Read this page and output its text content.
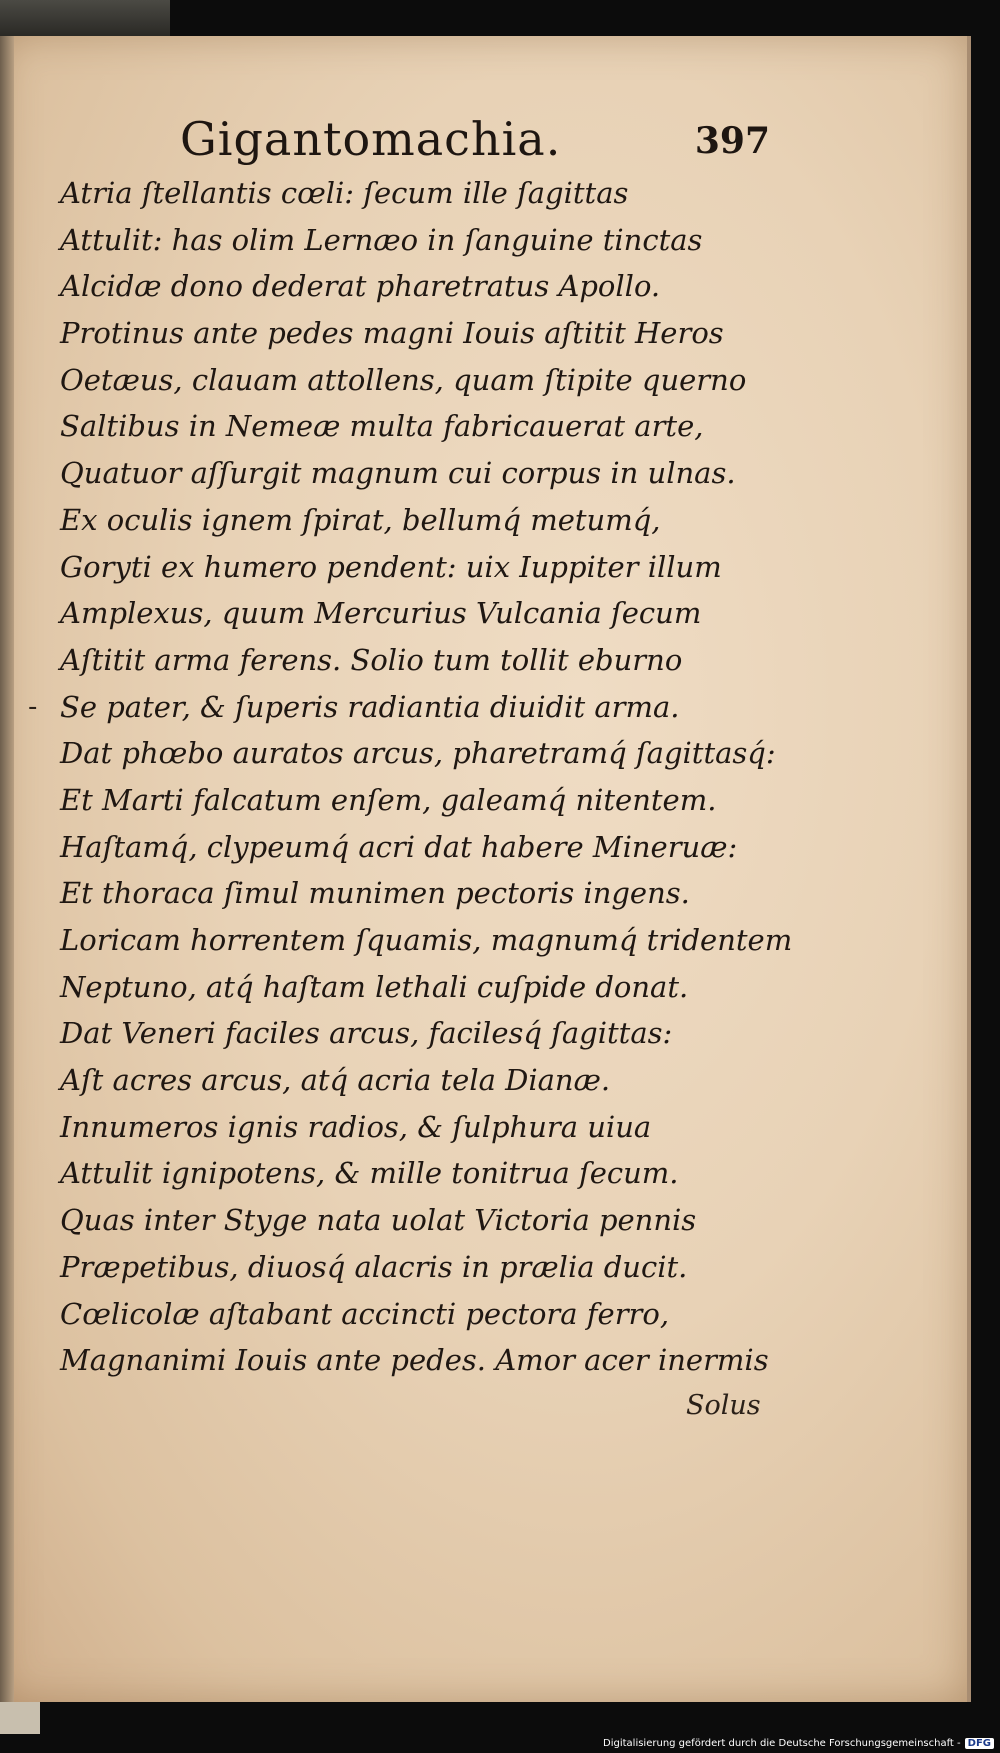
Gigantomachia.	397
-
Atria ſtellantis cœli: ſecum ille ſagittas
Attulit: has olim Lernæo in ſanguine tinctas
Alcidæ dono dederat pharetratus Apollo.
Protinus ante pedes magni Iouis aſtitit Heros
Oetæus, clauam attollens, quam ſtipite querno
Saltibus in Nemeæ multa fabricauerat arte,
Quatuor aſſurgit magnum cui corpus in ulnas.
Ex oculis ignem ſpirat, bellumq́ metumq́,
Goryti ex humero pendent: uix Iuppiter illum
Amplexus, quum Mercurius Vulcania ſecum
Aſtitit arma ferens. Solio tum tollit eburno
Se pater, & ſuperis radiantia diuidit arma.
Dat phœbo auratos arcus, pharetramq́ ſagittasq́:
Et Marti falcatum enſem, galeamq́ nitentem.
Haſtamq́, clypeumq́ acri dat habere Mineruæ:
Et thoraca ſimul munimen pectoris ingens.
Loricam horrentem ſquamis, magnumq́ tridentem
Neptuno, atq́ haſtam lethali cuſpide donat.
Dat Veneri faciles arcus, facilesq́ ſagittas:
Aſt acres arcus, atq́ acria tela Dianæ.
Innumeros ignis radios, & ſulphura uiua
Attulit ignipotens, & mille tonitrua ſecum.
Quas inter Styge nata uolat Victoria pennis
Præpetibus, diuosq́ alacris in prælia ducit.
Cœlicolæ aſtabant accincti pectora ferro,
Magnanimi Iouis ante pedes. Amor acer inermis
Solus
Digitalisierung gefördert durch die Deutsche Forschungsgemeinschaft - DFG
